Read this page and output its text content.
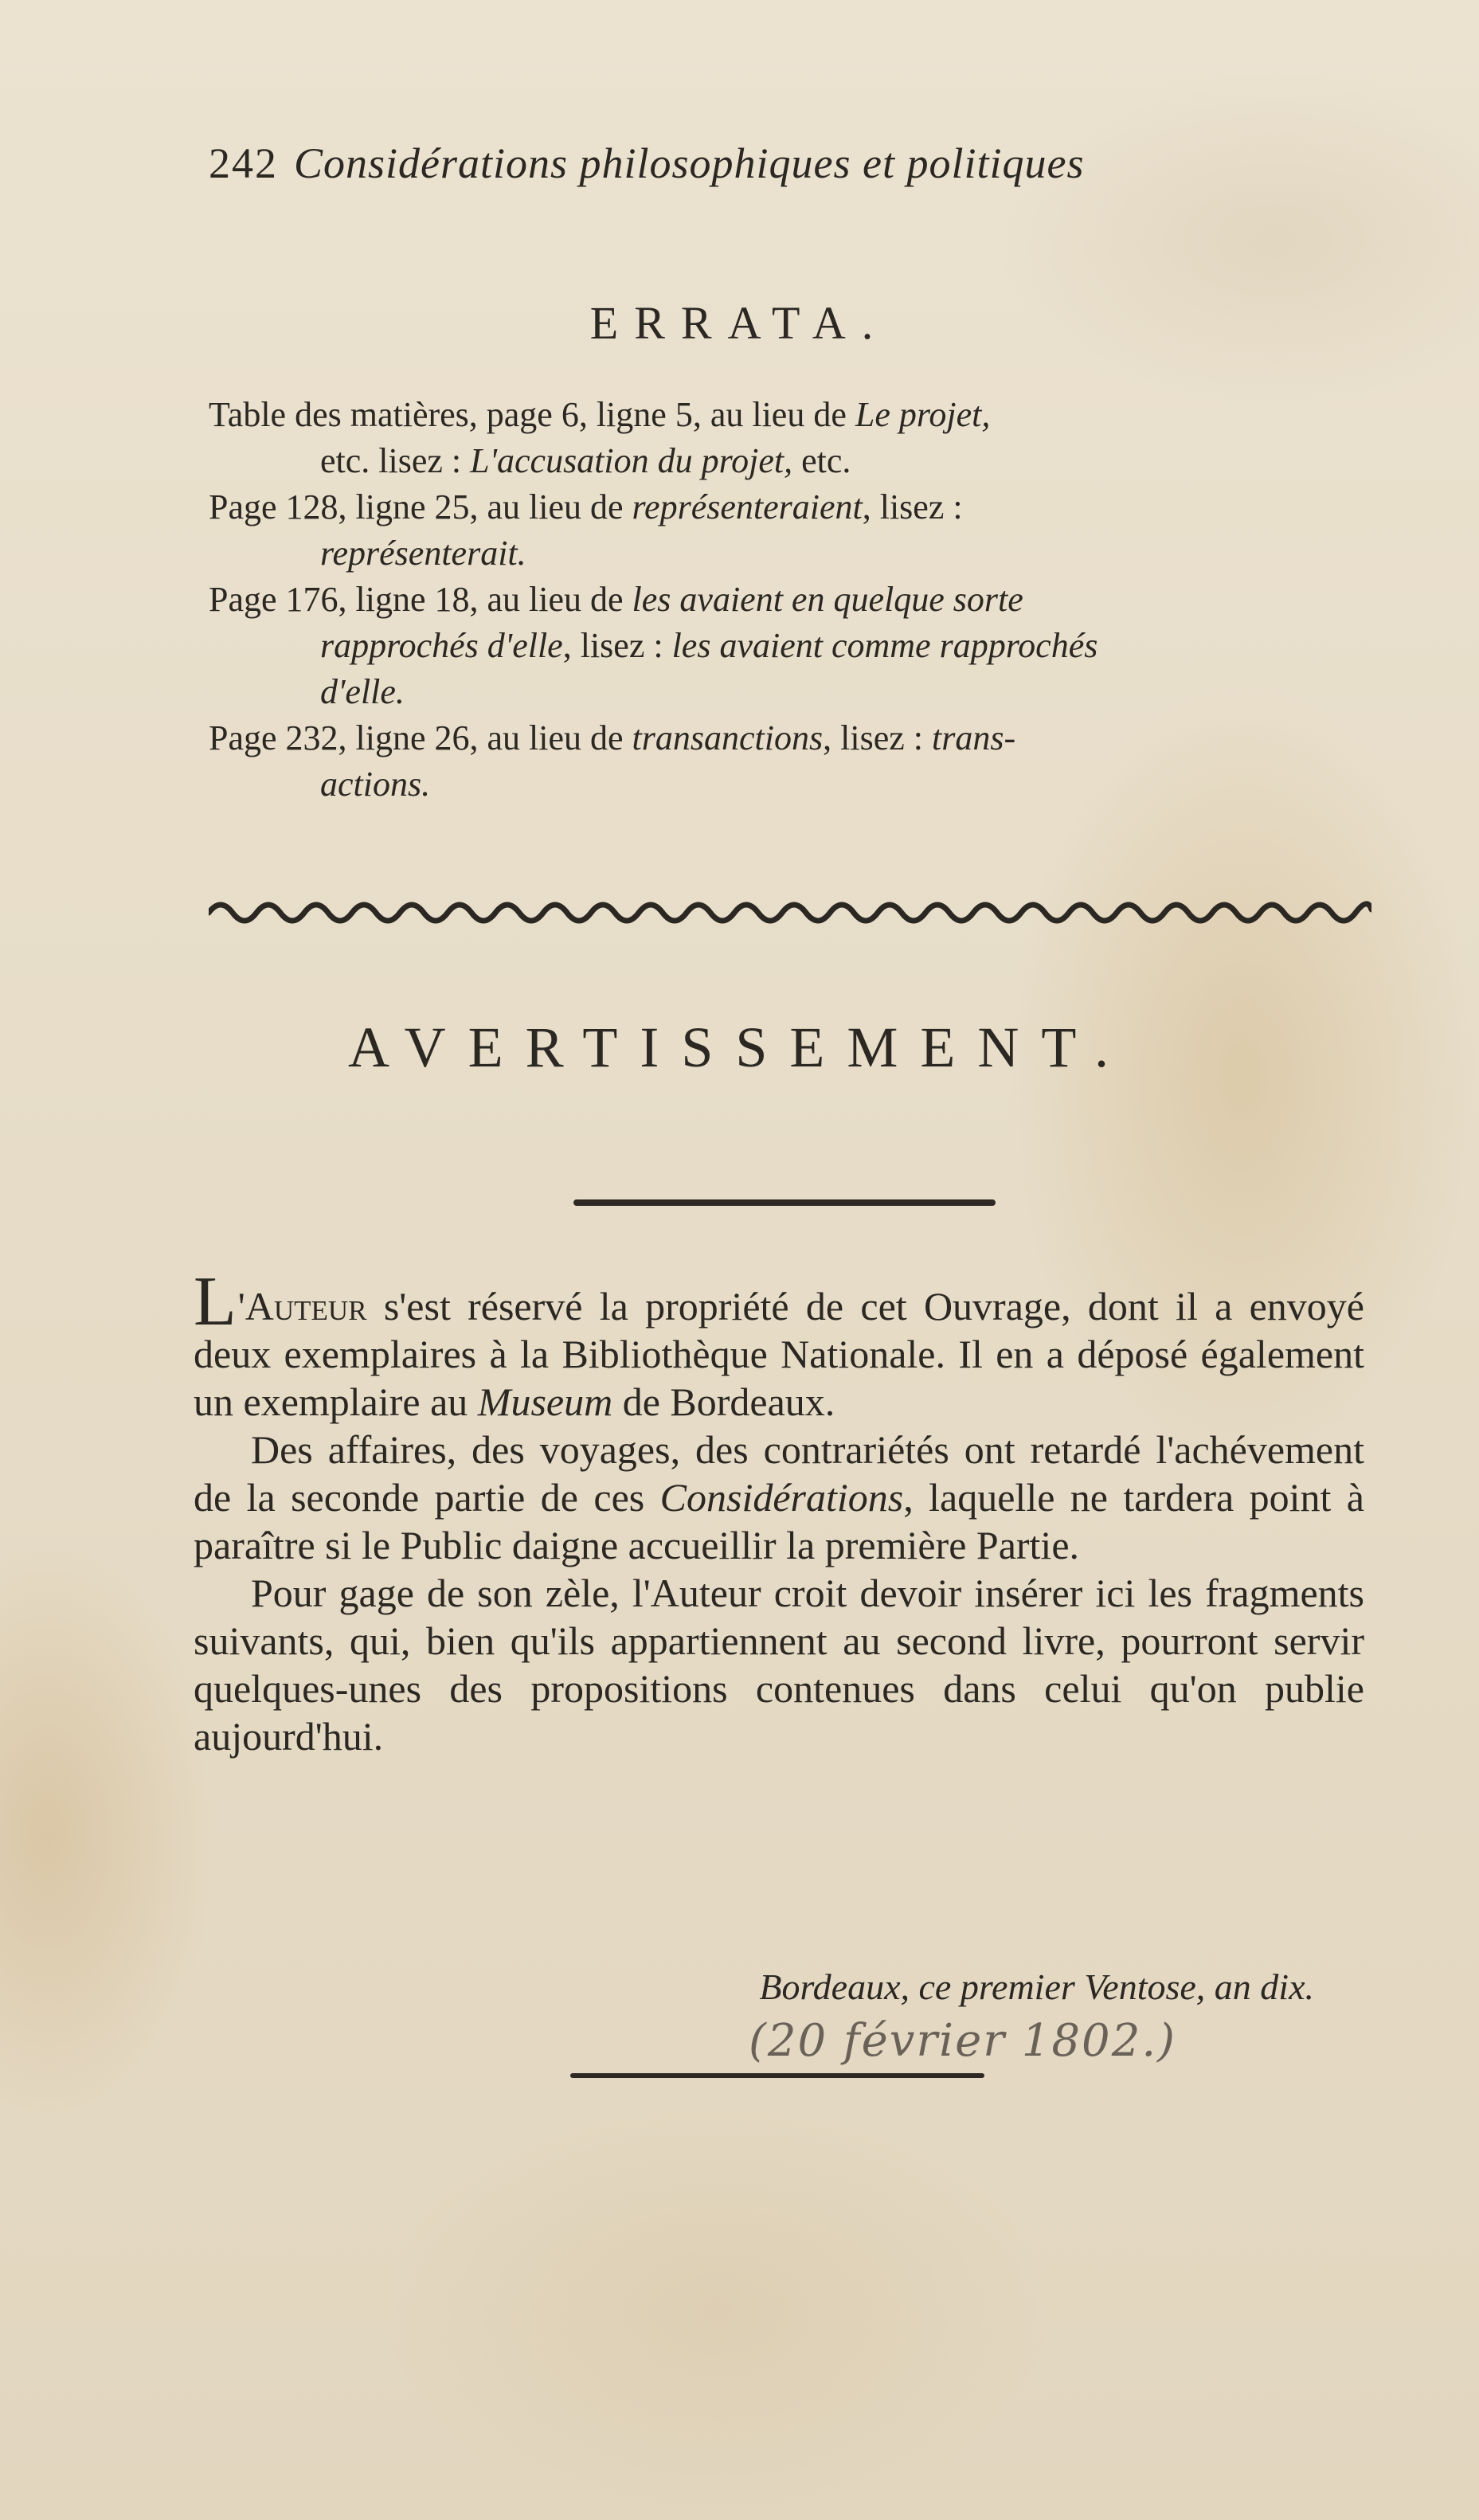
242 Considérations philosophiques et politiques
ERRATA.
Table des matières, page 6, ligne 5, au lieu de Le projet,
etc. lisez : L'accusation du projet, etc.
Page 128, ligne 25, au lieu de représenteraient, lisez :
représenterait.
Page 176, ligne 18, au lieu de les avaient en quelque sorte
rapprochés d'elle, lisez : les avaient comme rapprochés
d'elle.
Page 232, ligne 26, au lieu de transanctions, lisez : trans-
actions.
AVERTISSEMENT.

L'Auteur s'est réservé la propriété de cet Ouvrage, dont il a envoyé deux exemplaires à la Bibliothèque Nationale. Il en a déposé également un exemplaire au Museum de Bordeaux.

Des affaires, des voyages, des contrariétés ont retardé l'achévement de la seconde partie de ces Considérations, laquelle ne tardera point à paraître si le Public daigne accueillir la première Partie.

Pour gage de son zèle, l'Auteur croit devoir insérer ici les fragments suivants, qui, bien qu'ils appartiennent au second livre, pourront servir quelques-unes des propositions contenues dans celui qu'on publie aujourd'hui.

Bordeaux, ce premier Ventose, an dix.
(20 février 1802.)
